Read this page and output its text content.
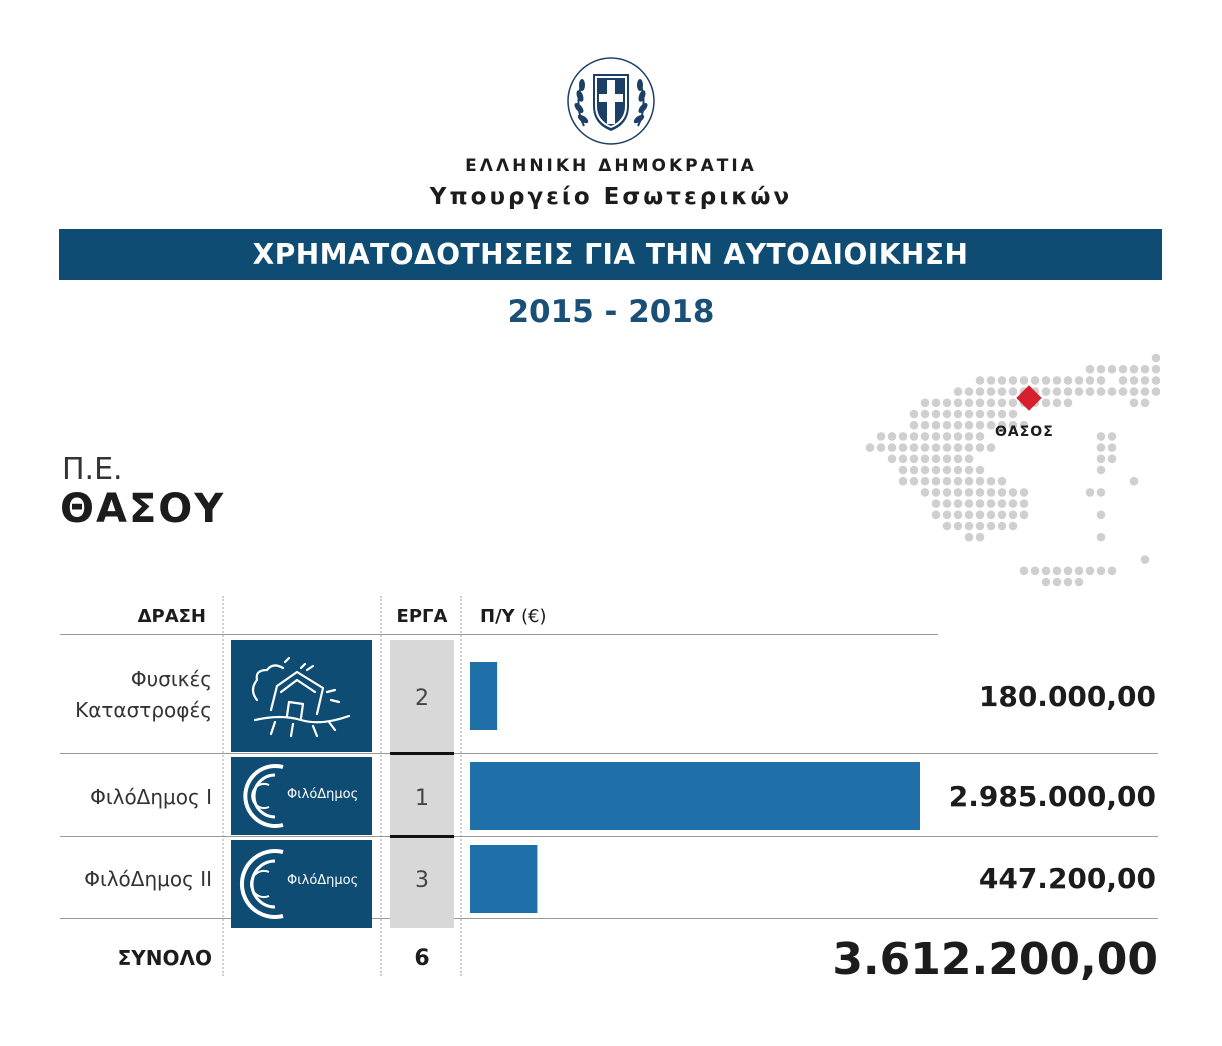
ΕΛΛΗΝΙΚΗ ΔΗΜΟΚΡΑΤΙΑ
Υπουργείο Εσωτερικών
ΧΡΗΜΑΤΟΔΟΤΗΣΕΙΣ ΓΙΑ ΤΗΝ ΑΥΤΟΔΙΟΙΚΗΣΗ
2015 - 2018
Π.Ε.
ΘΑΣΟΥ
ΘΑΣΟΣ
ΔΡΑΣΗ	ΕΡΓΑ	Π/Υ (€)
Φυσικές
Καταστροφές	2	180.000,00
ΦιλόΔημος Ι	ΦιλόΔημος	1	2.985.000,00
ΦιλόΔημος ΙΙ	ΦιλόΔημος	3	447.200,00
ΣΥΝΟΛΟ	6	3.612.200,00
